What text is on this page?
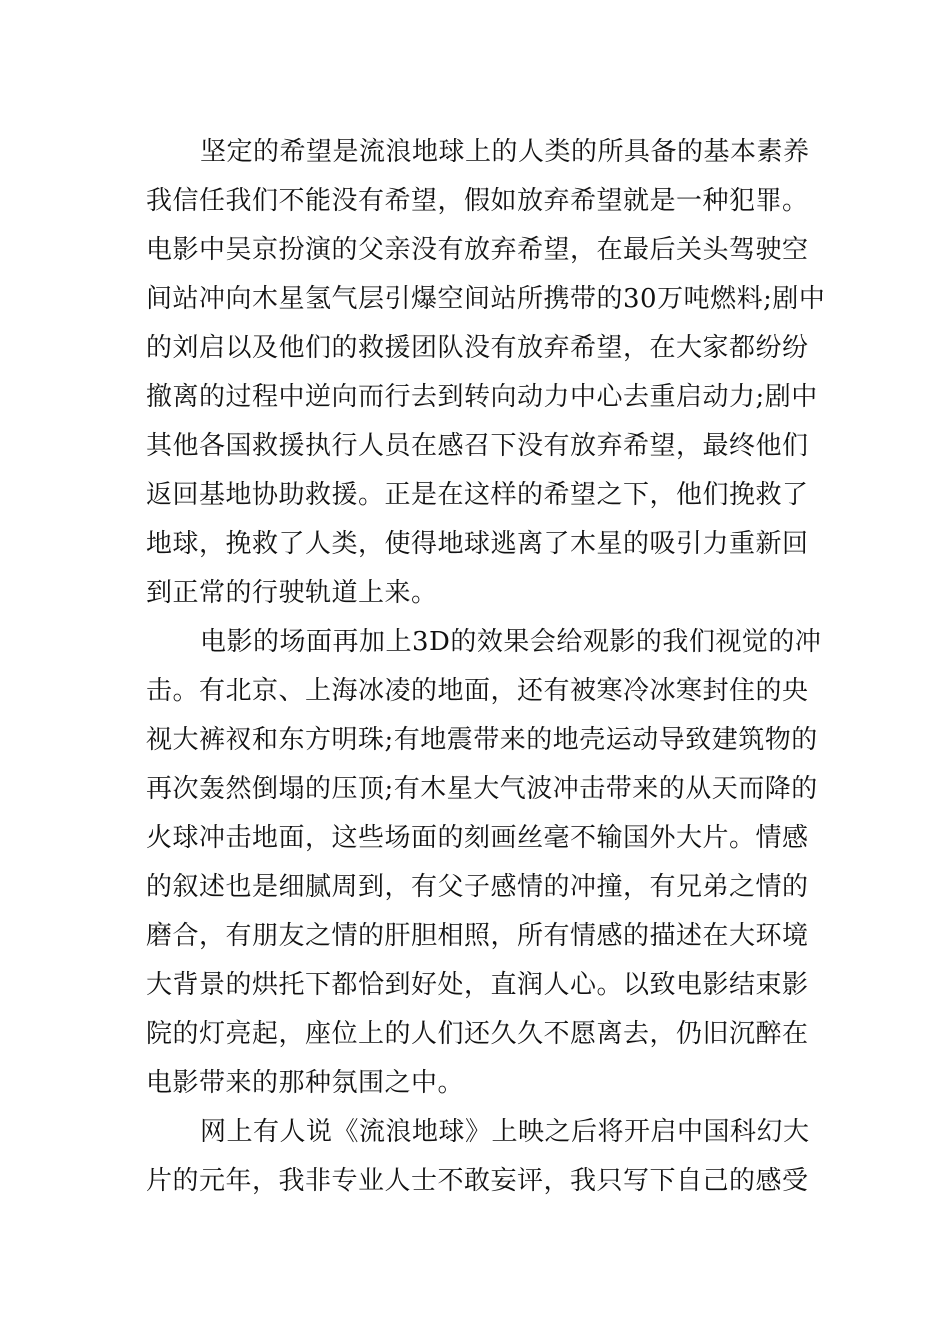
坚定的希望是流浪地球上的人类的所具备的基本素养
我信任我们不能没有希望，假如放弃希望就是一种犯罪。
电影中吴京扮演的父亲没有放弃希望，在最后关头驾驶空
间站冲向木星氢气层引爆空间站所携带的30万吨燃料;剧中
的刘启以及他们的救援团队没有放弃希望，在大家都纷纷
撤离的过程中逆向而行去到转向动力中心去重启动力;剧中
其他各国救援执行人员在感召下没有放弃希望，最终他们
返回基地协助救援。正是在这样的希望之下，他们挽救了
地球，挽救了人类，使得地球逃离了木星的吸引力重新回
到正常的行驶轨道上来。
电影的场面再加上3D的效果会给观影的我们视觉的冲
击。有北京、上海冰凌的地面，还有被寒冷冰寒封住的央
视大裤衩和东方明珠;有地震带来的地壳运动导致建筑物的
再次轰然倒塌的压顶;有木星大气波冲击带来的从天而降的
火球冲击地面，这些场面的刻画丝毫不输国外大片。情感
的叙述也是细腻周到，有父子感情的冲撞，有兄弟之情的
磨合，有朋友之情的肝胆相照，所有情感的描述在大环境
大背景的烘托下都恰到好处，直润人心。以致电影结束影
院的灯亮起，座位上的人们还久久不愿离去，仍旧沉醉在
电影带来的那种氛围之中。
网上有人说《流浪地球》上映之后将开启中国科幻大
片的元年，我非专业人士不敢妄评，我只写下自己的感受
